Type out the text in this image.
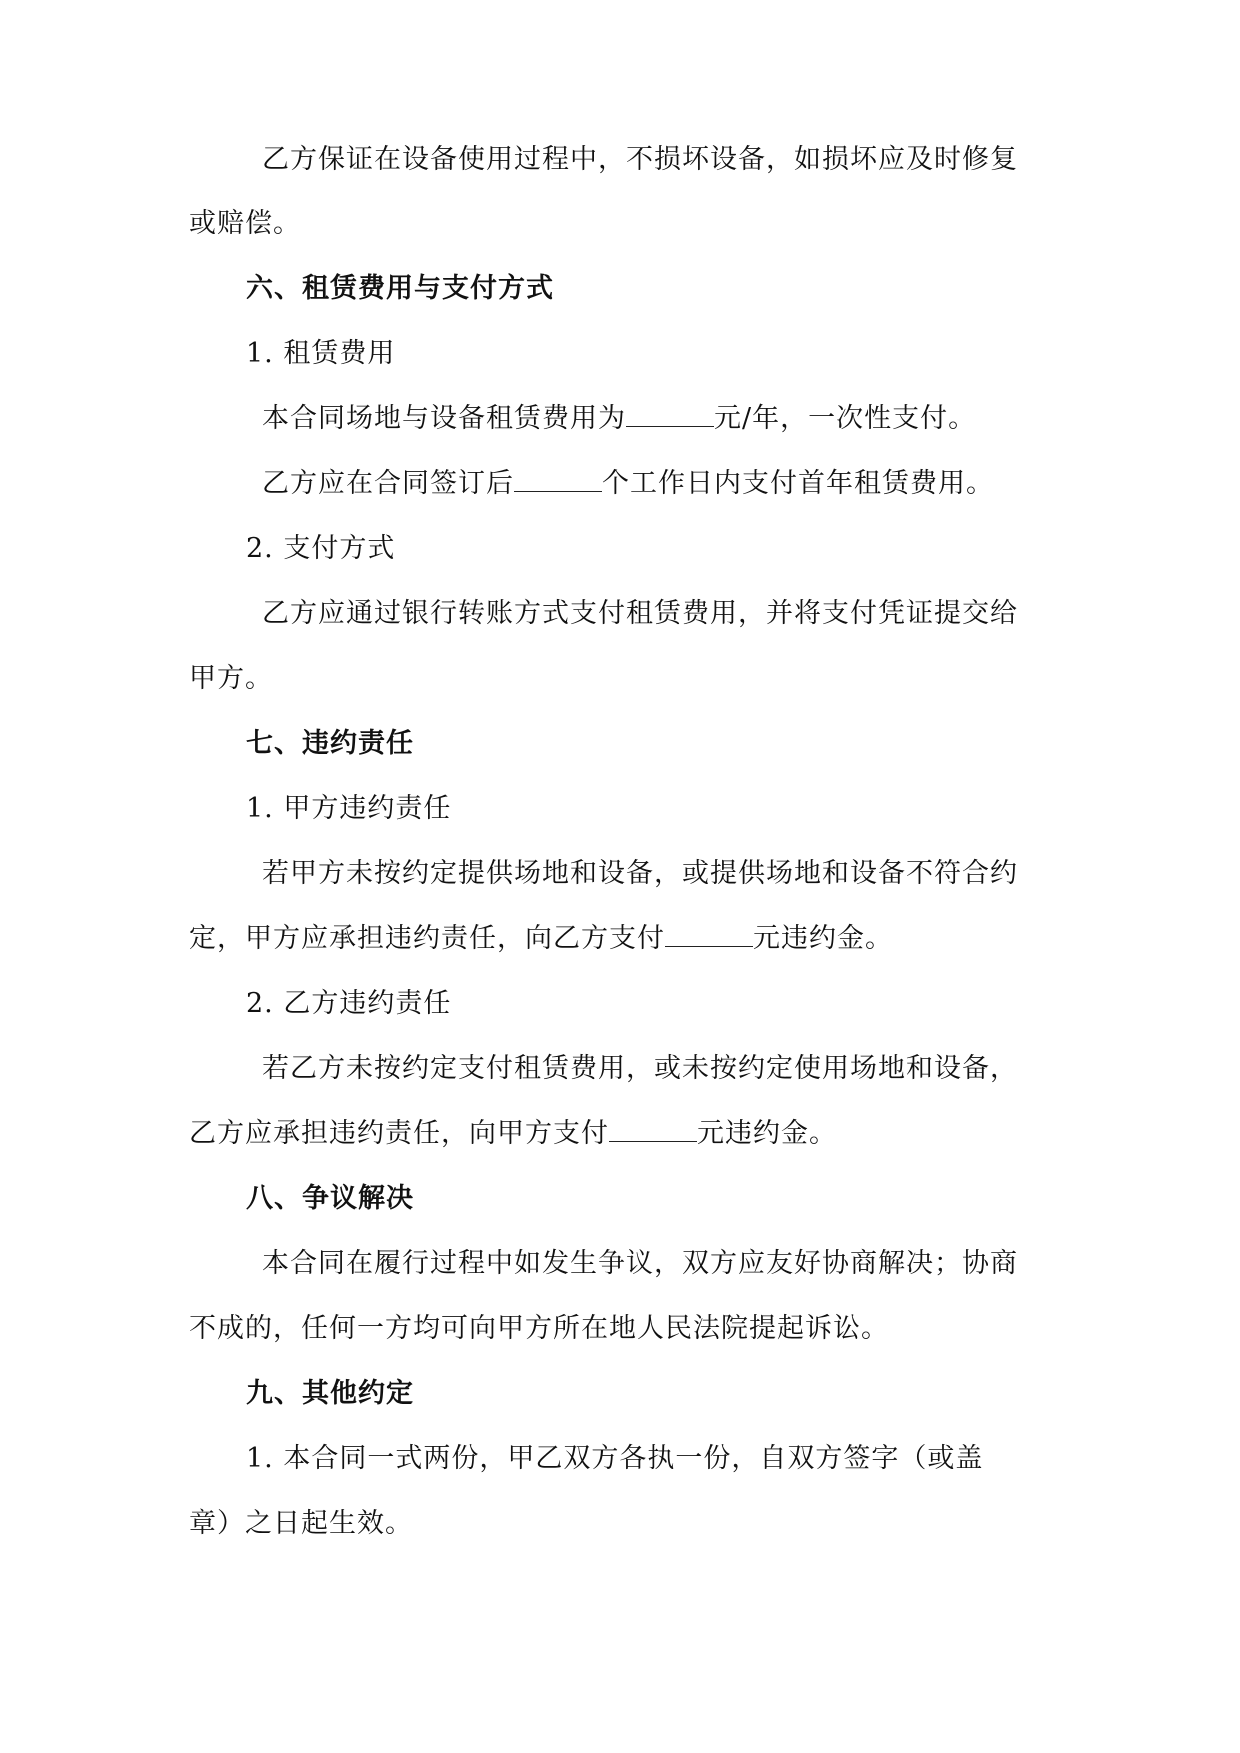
乙方保证在设备使用过程中，不损坏设备，如损坏应及时修复
或赔偿。
六、租赁费用与支付方式
1. 租赁费用
本合同场地与设备租赁费用为	元/年，一次性支付。
乙方应在合同签订后	个工作日内支付首年租赁费用。
2. 支付方式
乙方应通过银行转账方式支付租赁费用，并将支付凭证提交给
甲方。
七、违约责任
1. 甲方违约责任
若甲方未按约定提供场地和设备，或提供场地和设备不符合约
定，甲方应承担违约责任，向乙方支付	元违约金。
2. 乙方违约责任
若乙方未按约定支付租赁费用，或未按约定使用场地和设备，
乙方应承担违约责任，向甲方支付	元违约金。
八、争议解决
本合同在履行过程中如发生争议，双方应友好协商解决；协商
不成的，任何一方均可向甲方所在地人民法院提起诉讼。
九、其他约定
1. 本合同一式两份，甲乙双方各执一份，自双方签字（或盖
章）之日起生效。
